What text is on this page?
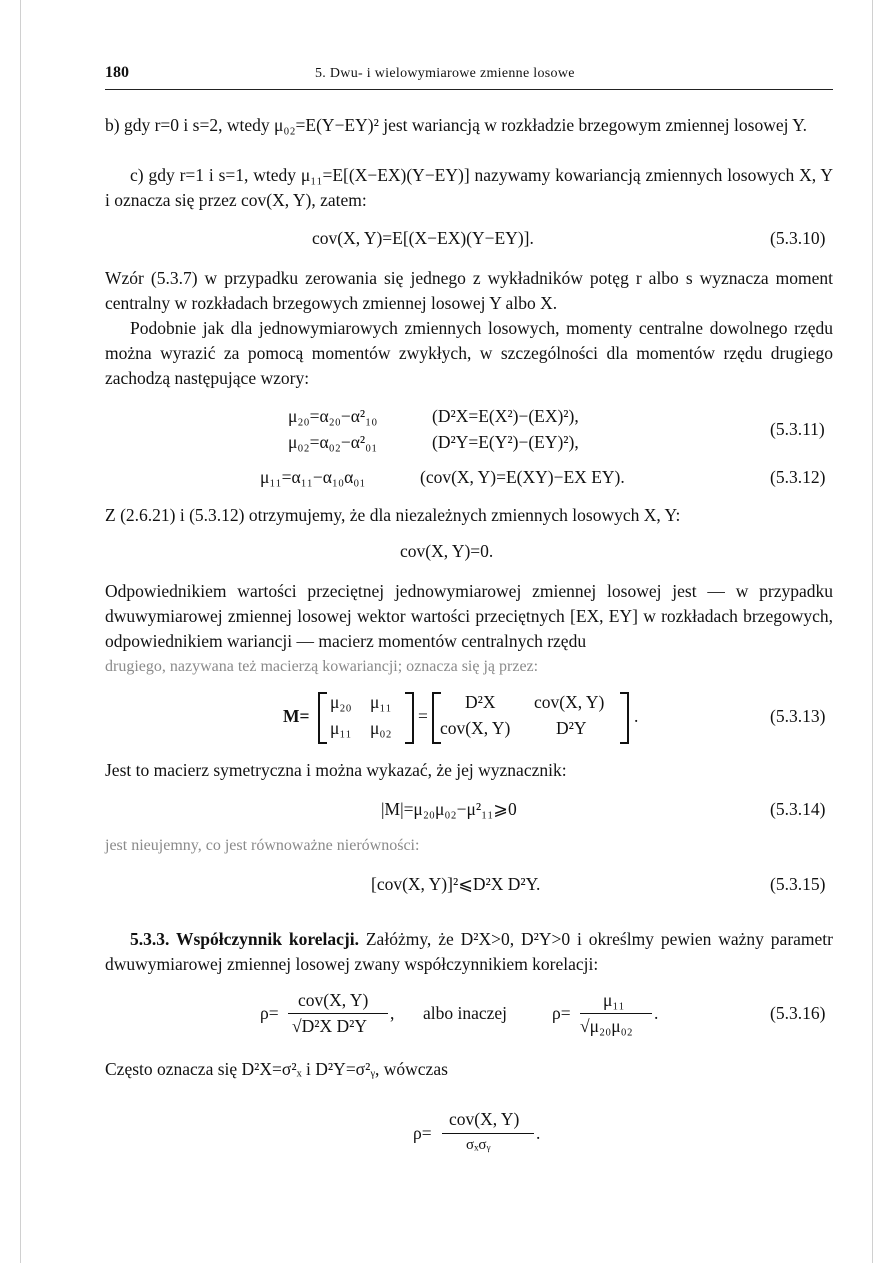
180	5. Dwu- i wielowymiarowe zmienne losowe
b) gdy r=0 i s=2, wtedy μ₀₂=E(Y−EY)² jest wariancją w rozkładzie brzegowym zmiennej losowej Y.
c) gdy r=1 i s=1, wtedy μ₁₁=E[(X−EX)(Y−EY)] nazywamy kowariancją zmiennych losowych X, Y i oznacza się przez cov(X, Y), zatem:
cov(X, Y)=E[(X−EX)(Y−EY)].	(5.3.10)
Wzór (5.3.7) w przypadku zerowania się jednego z wykładników potęg r albo s wyznacza moment centralny w rozkładach brzegowych zmiennej losowej Y albo X.
Podobnie jak dla jednowymiarowych zmiennych losowych, momenty centralne dowolnego rzędu można wyrazić za pomocą momentów zwykłych, w szczególności dla momentów rzędu drugiego zachodzą następujące wzory:
μ₂₀=α₂₀−α²₁₀	(D²X=E(X²)−(EX)²),
μ₀₂=α₀₂−α²₀₁	(D²Y=E(Y²)−(EY)²),
(5.3.11)
μ₁₁=α₁₁−α₁₀α₀₁	(cov(X, Y)=E(XY)−EX EY).	(5.3.12)
Z (2.6.21) i (5.3.12) otrzymujemy, że dla niezależnych zmiennych losowych X, Y:
cov(X, Y)=0.
Odpowiednikiem wartości przeciętnej jednowymiarowej zmiennej losowej jest — w przypadku dwuwymiarowej zmiennej losowej wektor wartości przeciętnych [EX, EY] w rozkładach brzegowych, odpowiednikiem wariancji — macierz momentów centralnych rzędu
drugiego, nazywana też macierzą kowariancji; oznacza się ją przez:
M=
μ₂₀ μ₁₁
μ₁₁ μ₀₂
=
D²X cov(X, Y)
cov(X, Y)	D²Y
.	(5.3.13)
Jest to macierz symetryczna i można wykazać, że jej wyznacznik:
|M|=μ₂₀μ₀₂−μ²₁₁⩾0	(5.3.14)
jest nieujemny, co jest równoważne nierówności:
[cov(X, Y)]²⩽D²X D²Y.	(5.3.15)
5.3.3. Współczynnik korelacji. Załóżmy, że D²X>0, D²Y>0 i określmy pewien ważny parametr dwuwymiarowej zmiennej losowej zwany współczynnikiem korelacji:
ρ=
cov(X, Y)
√D²X D²Y
, albo inaczej	ρ=
μ₁₁
√μ₂₀μ₀₂
.	(5.3.16)
Często oznacza się D²X=σ²ₓ i D²Y=σ²ᵧ, wówczas
ρ=
cov(X, Y)
σₓσᵧ
.
